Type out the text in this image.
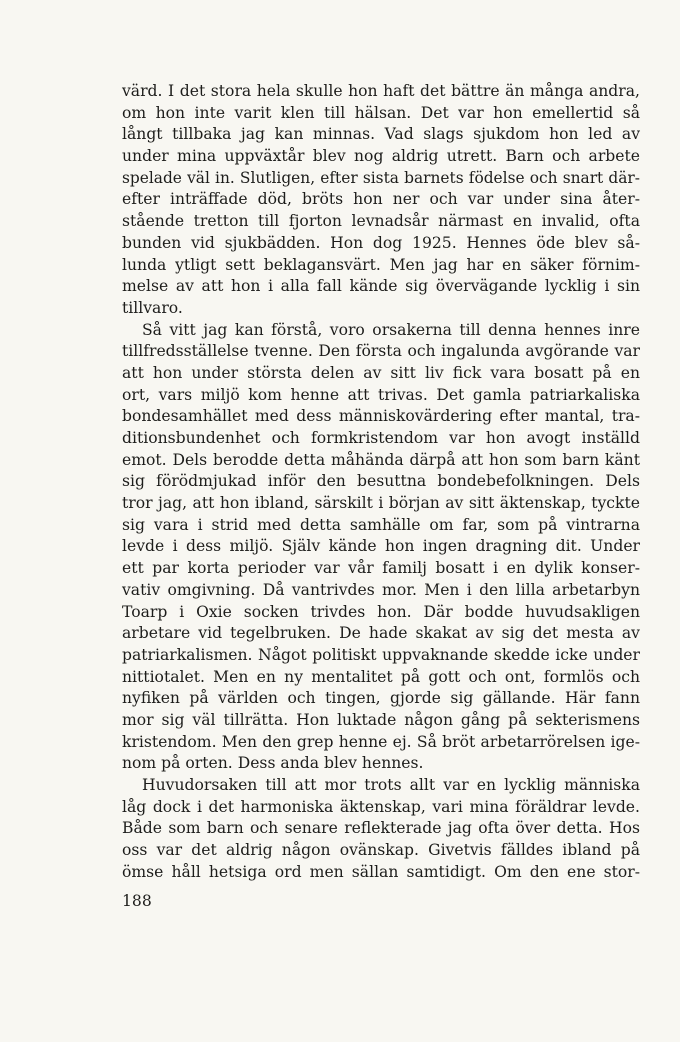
värd. I det stora hela skulle hon haft det bättre än många andra,
om hon inte varit klen till hälsan. Det var hon emellertid så
långt tillbaka jag kan minnas. Vad slags sjukdom hon led av
under mina uppväxtår blev nog aldrig utrett. Barn och arbete
spelade väl in. Slutligen, efter sista barnets födelse och snart där-
efter inträffade död, bröts hon ner och var under sina åter-
stående tretton till fjorton levnadsår närmast en invalid, ofta
bunden vid sjukbädden. Hon dog 1925. Hennes öde blev så-
lunda ytligt sett beklagansvärt. Men jag har en säker förnim-
melse av att hon i alla fall kände sig övervägande lycklig i sin
tillvaro.
Så vitt jag kan förstå, voro orsakerna till denna hennes inre
tillfredsställelse tvenne. Den första och ingalunda avgörande var
att hon under största delen av sitt liv fick vara bosatt på en
ort, vars miljö kom henne att trivas. Det gamla patriarkaliska
bondesamhället med dess människovärdering efter mantal, tra-
ditionsbundenhet och formkristendom var hon avogt inställd
emot. Dels berodde detta måhända därpå att hon som barn känt
sig förödmjukad inför den besuttna bondebefolkningen. Dels
tror jag, att hon ibland, särskilt i början av sitt äktenskap, tyckte
sig vara i strid med detta samhälle om far, som på vintrarna
levde i dess miljö. Själv kände hon ingen dragning dit. Under
ett par korta perioder var vår familj bosatt i en dylik konser-
vativ omgivning. Då vantrivdes mor. Men i den lilla arbetarbyn
Toarp i Oxie socken trivdes hon. Där bodde huvudsakligen
arbetare vid tegelbruken. De hade skakat av sig det mesta av
patriarkalismen. Något politiskt uppvaknande skedde icke under
nittiotalet. Men en ny mentalitet på gott och ont, formlös och
nyfiken på världen och tingen, gjorde sig gällande. Här fann
mor sig väl tillrätta. Hon luktade någon gång på sekterismens
kristendom. Men den grep henne ej. Så bröt arbetarrörelsen ige-
nom på orten. Dess anda blev hennes.
Huvudorsaken till att mor trots allt var en lycklig människa
låg dock i det harmoniska äktenskap, vari mina föräldrar levde.
Både som barn och senare reflekterade jag ofta över detta. Hos
oss var det aldrig någon ovänskap. Givetvis fälldes ibland på
ömse håll hetsiga ord men sällan samtidigt. Om den ene stor-
188
